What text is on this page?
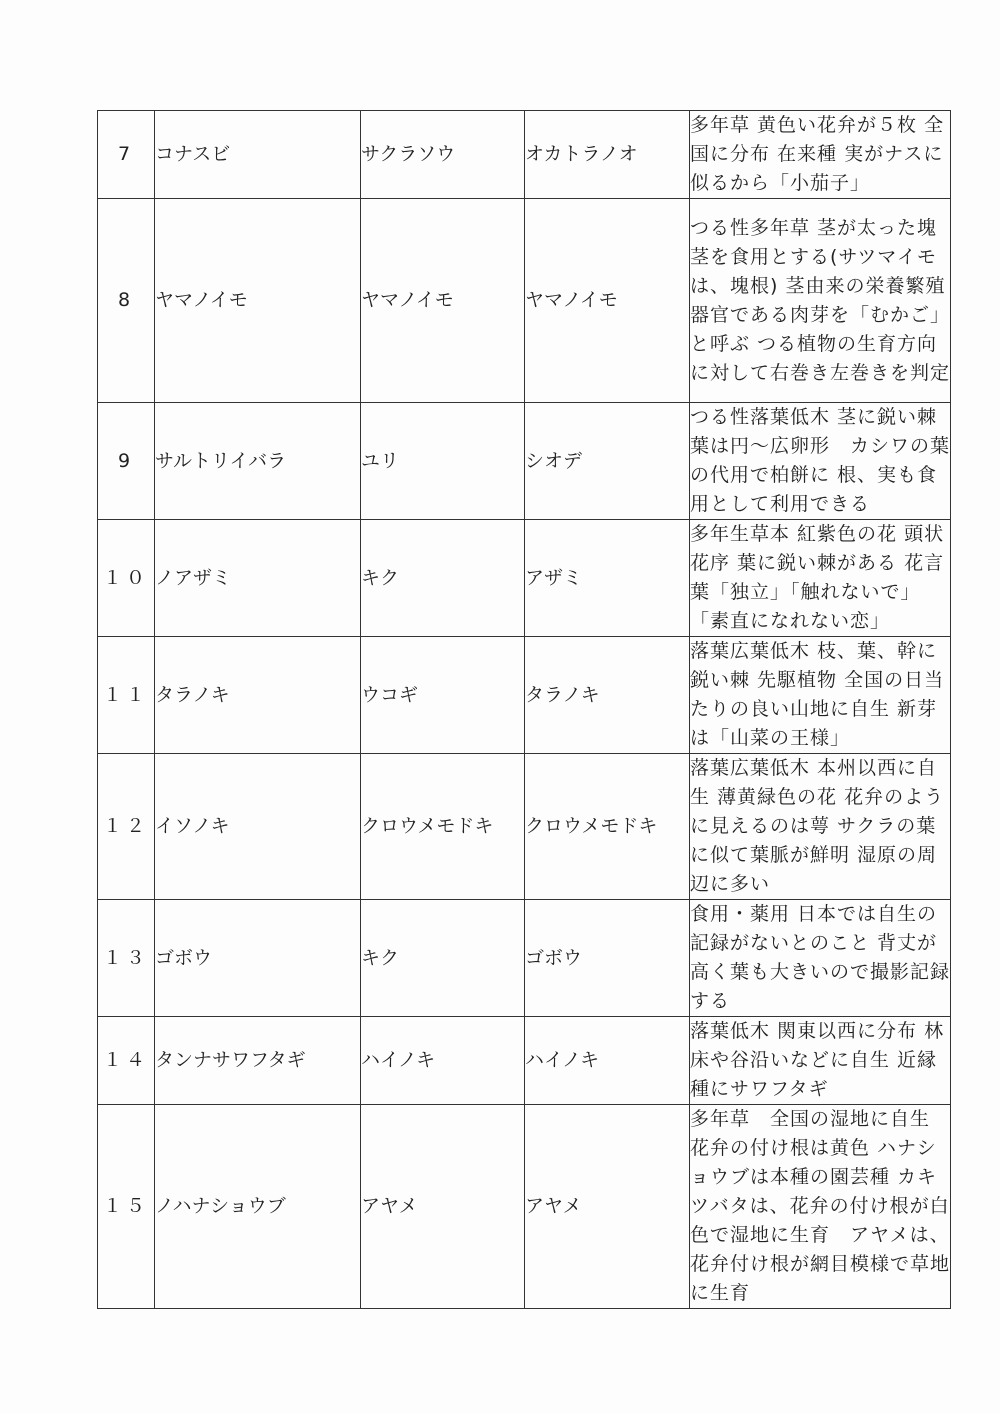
7	コナスビ	サクラソウ	オカトラノオ	多年草 黄色い花弁が５枚 全国に分布 在来種 実がナスに似るから「小茄子」
8	ヤマノイモ	ヤマノイモ	ヤマノイモ	つる性多年草 茎が太った塊茎を食用とする(サツマイモは、塊根) 茎由来の栄養繁殖器官である肉芽を「むかご」と呼ぶ つる植物の生育方向に対して右巻き左巻きを判定
9	サルトリイバラ	ユリ	シオデ	つる性落葉低木 茎に鋭い棘 葉は円～広卵形　カシワの葉の代用で柏餅に 根、実も食用として利用できる
１０	ノアザミ	キク	アザミ	多年生草本 紅紫色の花 頭状花序 葉に鋭い棘がある 花言葉「独立」「触れないで」「素直になれない恋」
１１	タラノキ	ウコギ	タラノキ	落葉広葉低木 枝、葉、幹に鋭い棘 先駆植物 全国の日当たりの良い山地に自生 新芽は「山菜の王様」
１２	イソノキ	クロウメモドキ	クロウメモドキ	落葉広葉低木 本州以西に自生 薄黄緑色の花 花弁のように見えるのは萼 サクラの葉に似て葉脈が鮮明 湿原の周辺に多い
１３	ゴボウ	キク	ゴボウ	食用・薬用 日本では自生の記録がないとのこと 背丈が高く葉も大きいので撮影記録する
１４	タンナサワフタギ	ハイノキ	ハイノキ	落葉低木 関東以西に分布 林床や谷沿いなどに自生 近縁種にサワフタギ
１５	ノハナショウブ	アヤメ	アヤメ	多年草　全国の湿地に自生 花弁の付け根は黄色 ハナショウブは本種の園芸種 カキツバタは、花弁の付け根が白色で湿地に生育　アヤメは、花弁付け根が網目模様で草地に生育
